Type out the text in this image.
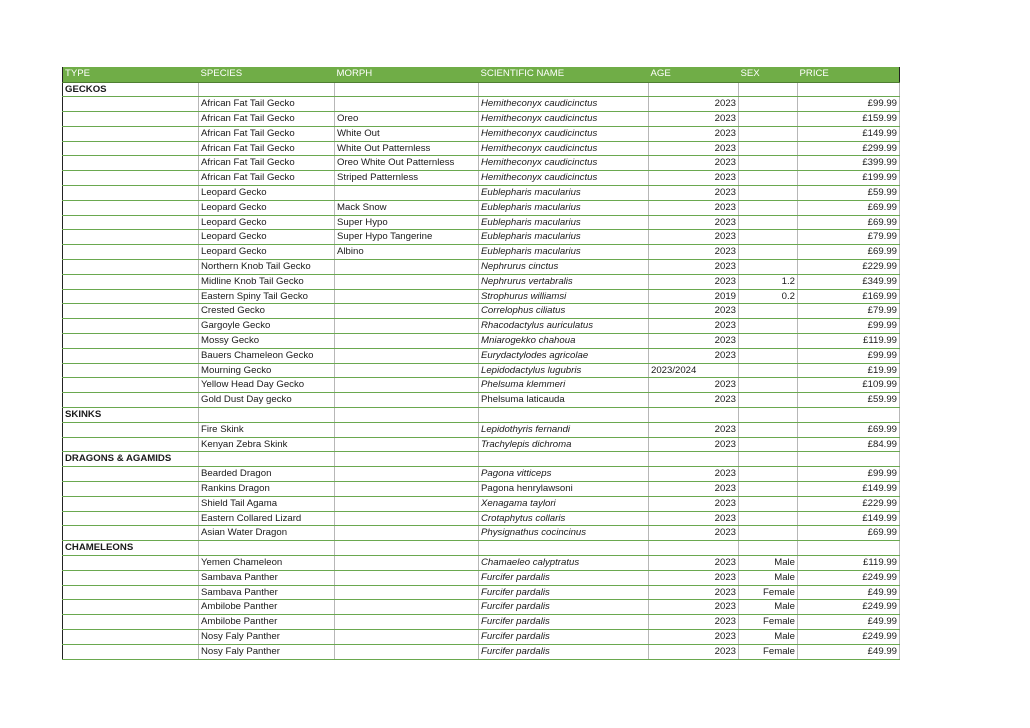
TYPE	SPECIES	MORPH	SCIENTIFIC NAME	AGE	SEX	PRICE
GECKOS						
	African Fat Tail Gecko		Hemitheconyx caudicinctus	2023		£99.99
	African Fat Tail Gecko	Oreo	Hemitheconyx caudicinctus	2023		£159.99
	African Fat Tail Gecko	White Out	Hemitheconyx caudicinctus	2023		£149.99
	African Fat Tail Gecko	White Out Patternless	Hemitheconyx caudicinctus	2023		£299.99
	African Fat Tail Gecko	Oreo White Out Patternless	Hemitheconyx caudicinctus	2023		£399.99
	African Fat Tail Gecko	Striped Patternless	Hemitheconyx caudicinctus	2023		£199.99
	Leopard Gecko		Eublepharis macularius	2023		£59.99
	Leopard Gecko	Mack Snow	Eublepharis macularius	2023		£69.99
	Leopard Gecko	Super Hypo	Eublepharis macularius	2023		£69.99
	Leopard Gecko	Super Hypo Tangerine	Eublepharis macularius	2023		£79.99
	Leopard Gecko	Albino	Eublepharis macularius	2023		£69.99
	Northern Knob Tail Gecko		Nephrurus cinctus	2023		£229.99
	Midline Knob Tail Gecko		Nephrurus vertabralis	2023	1.2	£349.99
	Eastern Spiny Tail Gecko		Strophurus williamsi	2019	0.2	£169.99
	Crested Gecko		Correlophus ciliatus	2023		£79.99
	Gargoyle Gecko		Rhacodactylus auriculatus	2023		£99.99
	Mossy Gecko		Mniarogekko chahoua	2023		£119.99
	Bauers Chameleon Gecko		Eurydactylodes agricolae	2023		£99.99
	Mourning Gecko		Lepidodactylus lugubris	2023/2024		£19.99
	Yellow Head Day Gecko		Phelsuma klemmeri	2023		£109.99
	Gold Dust Day gecko		Phelsuma laticauda	2023		£59.99
SKINKS						
	Fire Skink		Lepidothyris fernandi	2023		£69.99
	Kenyan Zebra Skink		Trachylepis dichroma	2023		£84.99
DRAGONS & AGAMIDS						
	Bearded Dragon		Pagona vitticeps	2023		£99.99
	Rankins Dragon		Pagona henrylawsoni	2023		£149.99
	Shield Tail Agama		Xenagama taylori	2023		£229.99
	Eastern Collared Lizard		Crotaphytus collaris	2023		£149.99
	Asian Water Dragon		Physignathus cocincinus	2023		£69.99
CHAMELEONS						
	Yemen Chameleon		Chamaeleo calyptratus	2023	Male	£119.99
	Sambava Panther		Furcifer pardalis	2023	Male	£249.99
	Sambava Panther		Furcifer pardalis	2023	Female	£49.99
	Ambilobe Panther		Furcifer pardalis	2023	Male	£249.99
	Ambilobe Panther		Furcifer pardalis	2023	Female	£49.99
	Nosy Faly Panther		Furcifer pardalis	2023	Male	£249.99
	Nosy Faly Panther		Furcifer pardalis	2023	Female	£49.99
